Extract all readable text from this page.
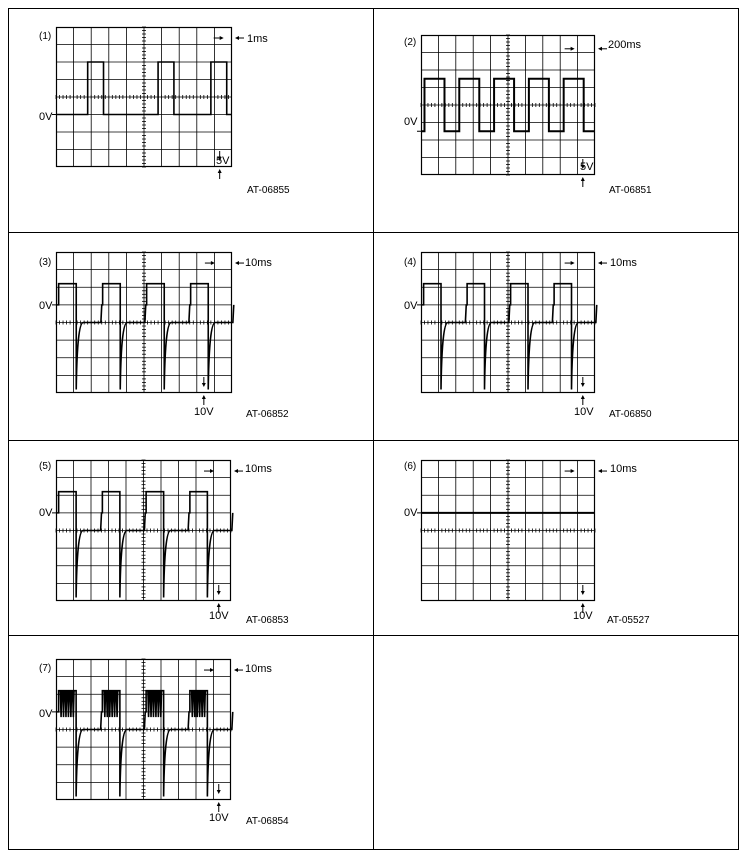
(1)	1ms
0V
5V
AT-06855
(2)	200ms
0V
5V
AT-06851
(3)	10ms
0V
10V	AT-06852
(4)	10ms
0V
10V AT-06850
(5)	10ms
0V
10V AT-06853
(6)	10ms
0V
10V AT-05527
(7)	10ms
0V
10V AT-06854
